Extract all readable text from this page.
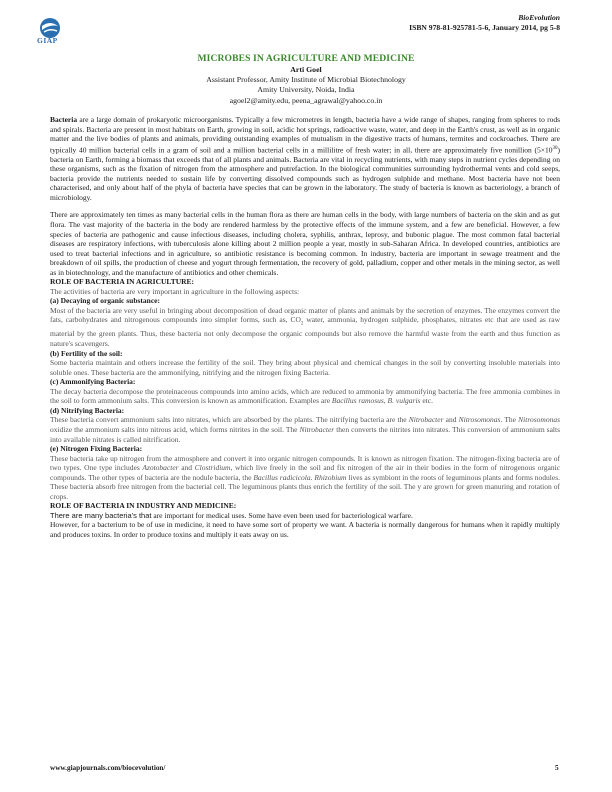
GIAP
BioEvolution
ISBN 978-81-925781-5-6, January 2014, pg 5-8
MICROBES IN AGRICULTURE AND MEDICINE
Arti Goel
Assistant Professor, Amity Institute of Microbial Biotechnology
Amity University, Noida, India
agoel2@amity.edu, peena_agrawal@yahoo.co.in

Bacteria are a large domain of prokaryotic microorganisms. Typically a few micrometres in length, bacteria have a wide range of shapes, ranging from spheres to rods and spirals. Bacteria are present in most habitats on Earth, growing in soil, acidic hot springs, radioactive waste, water, and deep in the Earth's crust, as well as in organic matter and the live bodies of plants and animals, providing outstanding examples of mutualism in the digestive tracts of humans, termites and cockroaches. There are typically 40 million bacterial cells in a gram of soil and a million bacterial cells in a millilitre of fresh water; in all, there are approximately five nonillion $(5\times 10^{30})$ bacteria on Earth, forming a biomass that exceeds that of all plants and animals. Bacteria are vital in recycling nutrients, with many steps in nutrient cycles depending on these organisms, such as the fixation of nitrogen from the atmosphere and putrefaction. In the biological communities surrounding hydrothermal vents and cold seeps, bacteria provide the nutrients needed to sustain life by converting dissolved compounds such as hydrogen sulphide and methane. Most bacteria have not been characterised, and only about half of the phyla of bacteria have species that can be grown in the laboratory. The study of bacteria is known as bacteriology, a branch of microbiology.

There are approximately ten times as many bacterial cells in the human flora as there are human cells in the body, with large numbers of bacteria on the skin and as gut flora. The vast majority of the bacteria in the body are rendered harmless by the protective effects of the immune system, and a few are beneficial. However, a few species of bacteria are pathogenic and cause infectious diseases, including cholera, syphilis, anthrax, leprosy, and bubonic plague. The most common fatal bacterial diseases are respiratory infections, with tuberculosis alone killing about 2 million people a year, mostly in sub-Saharan Africa. In developed countries, antibiotics are used to treat bacterial infections and in agriculture, so antibiotic resistance is becoming common. In industry, bacteria are important in sewage treatment and the breakdown of oil spills, the production of cheese and yogurt through fermentation, the recovery of gold, palladium, copper and other metals in the mining sector, as well as in biotechnology, and the manufacture of antibiotics and other chemicals.

ROLE OF BACTERIA IN AGRICULTURE:

The activities of bacteria are very important in agriculture in the following aspects:

(a) Decaying of organic substance:

Most of the bacteria are very useful in bringing about decomposition of dead organic matter of plants and animals by the secretion of enzymes. The enzymes convert the fats, carbohydrates and nitrogenous compounds into simpler forms, such as, $CO_2$ water, ammonia, hydrogen sulphide, phosphates, nitrates etc that are used as raw material by the green plants. Thus, these bacteria not only decompose the organic compounds but also remove the harmful waste from the earth and thus function as nature's scavengers.

(b) Fertility of the soil:

Some bacteria maintain and others increase the fertility of the soil. They bring about physical and chemical changes in the soil by converting insoluble materials into soluble ones. These bacteria are the ammonifying, nitrifying and the nitrogen fixing Bacteria.

(c) Ammonifying Bacteria:

The decay bacteria decompose the proteinaceous compounds into amino acids, which are reduced to ammonia by ammonifying bacteria. The free ammonia combines in the soil to form ammonium salts. This conversion is known as ammonification. Examples are Bacillus ramosus, B. vulgaris etc.

(d) Nitrifying Bacteria:

These bacteria convert ammonium salts into nitrates, which are absorbed by the plants. The nitrifying bacteria are the Nitrobacter and Nitrosomonas. The Nitrosomonas oxidize the ammonium salts into nitrous acid, which forms nitrites in the soil. The Nitrobacter then converts the nitrites into nitrates. This conversion of ammonium salts into available nitrates is called nitrification.

(e) Nitrogen Fixing Bacteria:

These bacteria take up nitrogen from the atmosphere and convert it into organic nitrogen compounds. It is known as nitrogen fixation. The nitrogen-fixing bacteria are of two types. One type includes Azotobacter and Clostridium, which live freely in the soil and fix nitrogen of the air in their bodies in the form of nitrogenous organic compounds. The other types of bacteria are the nodule bacteria, the Bacillus radicicola. Rhizobium lives as symbiont in the roots of leguminous plants and forms nodules. These bacteria absorb free nitrogen from the bacterial cell. The leguminous plants thus enrich the fertility of the soil. The y are grown for green manuring and rotation of crops.

ROLE OF BACTERIA IN INDUSTRY AND MEDICINE:

There are many bacteria's that are important for medical uses. Some have even been used for bacteriological warfare.

However, for a bacterium to be of use in medicine, it need to have some sort of property we want. A bacteria is normally dangerous for humans when it rapidly multiply and produces toxins. In order to produce toxins and multiply it eats away on us.

www.giapjournals.com/biocevolution/	5
